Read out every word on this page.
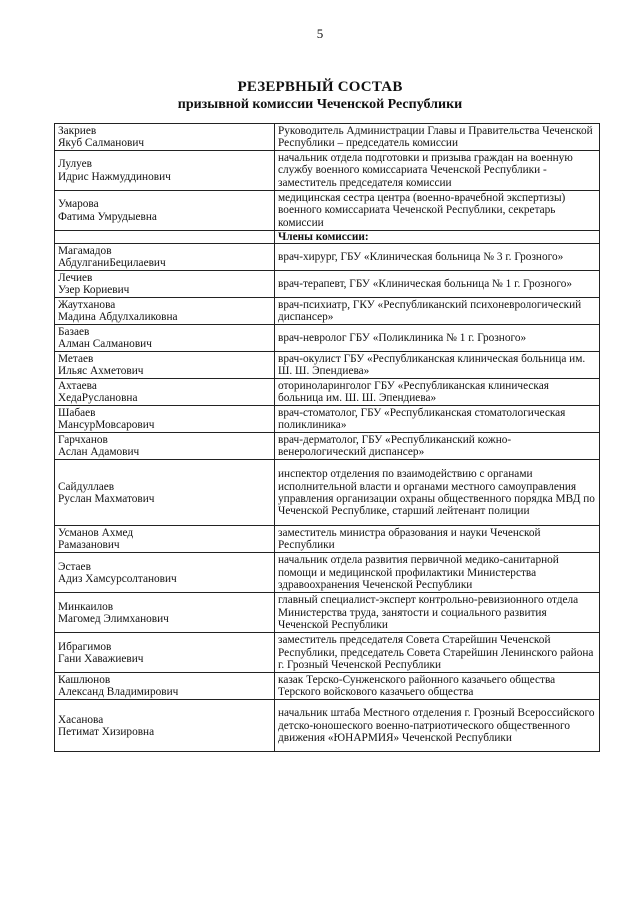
5
РЕЗЕРВНЫЙ СОСТАВ
призывной комиссии Чеченской Республики
Закриев
Якуб Салманович	Руководитель Администрации Главы и Правительства Чеченской Республики – председатель комиссии

Лулуев
Идрис Нажмуддинович	начальник отдела подготовки и призыва граждан на военную службу военного комиссариата Чеченской Республики - заместитель председателя комиссии

Умарова
Фатима Умрудыевна	медицинская сестра центра (военно-врачебной экспертизы) военного комиссариата Чеченской Республики, секретарь комиссии
	Члены комиссии:

Магамадов
АбдулганиБецилаевич	врач-хирург, ГБУ «Клиническая больница № 3 г. Грозного»

Лечиев
Узер Кориевич	врач-терапевт, ГБУ «Клиническая больница № 1 г. Грозного»

Жаутханова
Мадина Абдулхаликовна	врач-психиатр, ГКУ «Республиканский психоневрологический диспансер»

Базаев
Алман Салманович	врач-невролог ГБУ «Поликлиника № 1 г. Грозного»

Метаев
Ильяс Ахметович	врач-окулист ГБУ «Республиканская клиническая больница им. Ш. Ш. Эпендиева»

Ахтаева
ХедаРуслановна	оториноларинголог ГБУ «Республиканская клиническая больница им. Ш. Ш. Эпендиева»

Шабаев
МансурМовсарович	врач-стоматолог, ГБУ «Республиканская стоматологическая поликлиника»

Гарчханов
Аслан Адамович	врач-дерматолог, ГБУ «Республиканский кожно-венерологический диспансер»

Сайдуллаев
Руслан Махматович	инспектор отделения по взаимодействию с органами исполнительной власти и органами местного самоуправления управления организации охраны общественного порядка МВД по Чеченской Республике, старший лейтенант полиции

Усманов Ахмед
Рамазанович	заместитель министра образования и науки Чеченской Республики

Эстаев
Адиз Хамсурсолтанович	начальник отдела развития первичной медико-санитарной помощи и медицинской профилактики Министерства здравоохранения Чеченской Республики

Минкаилов
Магомед Элимханович	главный специалист-эксперт контрольно-ревизионного отдела Министерства труда, занятости и социального развития Чеченской Республики

Ибрагимов
Гани Хаважиевич	заместитель председателя Совета Старейшин Чеченской Республики, председатель Совета Старейшин Ленинского района г. Грозный Чеченской Республики

Кашлюнов
Александ Владимирович	казак Терско-Сунженского районного казачьего общества Терского войскового казачьего общества

Хасанова
Петимат Хизировна	начальник штаба Местного отделения г. Грозный Всероссийского детско-юношеского военно-патриотического общественного движения «ЮНАРМИЯ» Чеченской Республики
